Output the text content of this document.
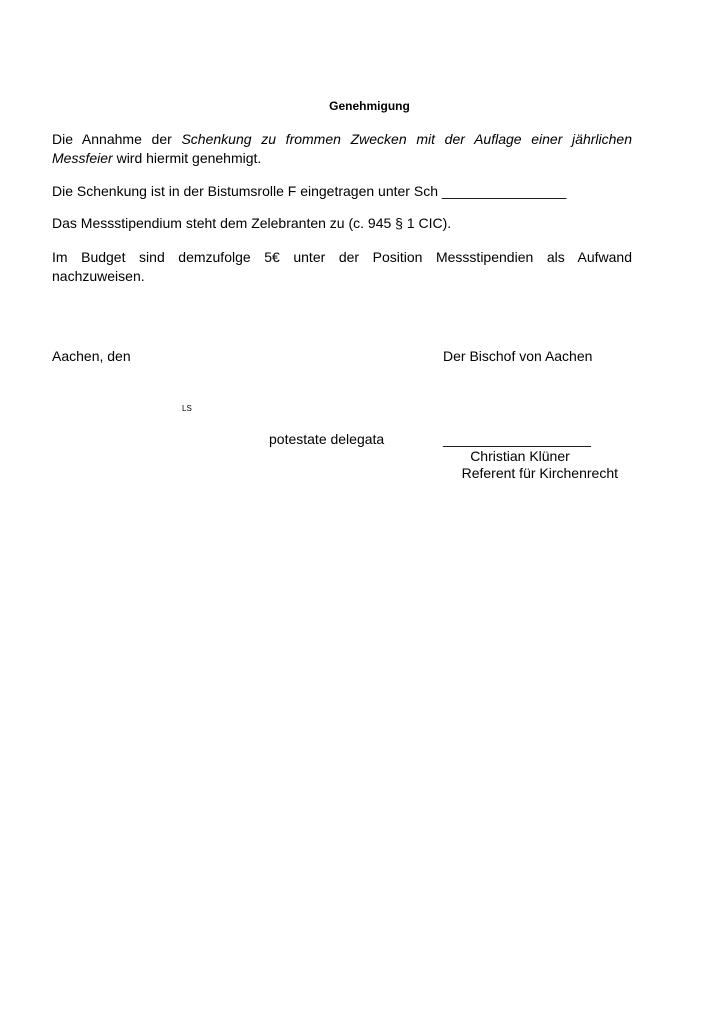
Genehmigung
Die Annahme der Schenkung zu frommen Zwecken mit der Auflage einer jährlichen
Messfeier wird hiermit genehmigt.
Die Schenkung ist in der Bistumsrolle F eingetragen unter Sch ________________
Das Messstipendium steht dem Zelebranten zu (c. 945 § 1 CIC).
Im Budget sind demzufolge 5€ unter der Position Messstipendien als Aufwand
nachzuweisen.
Aachen, den	Der Bischof von Aachen
LS
potestate delegata	___________________
Christian Klüner
Referent für Kirchenrecht
